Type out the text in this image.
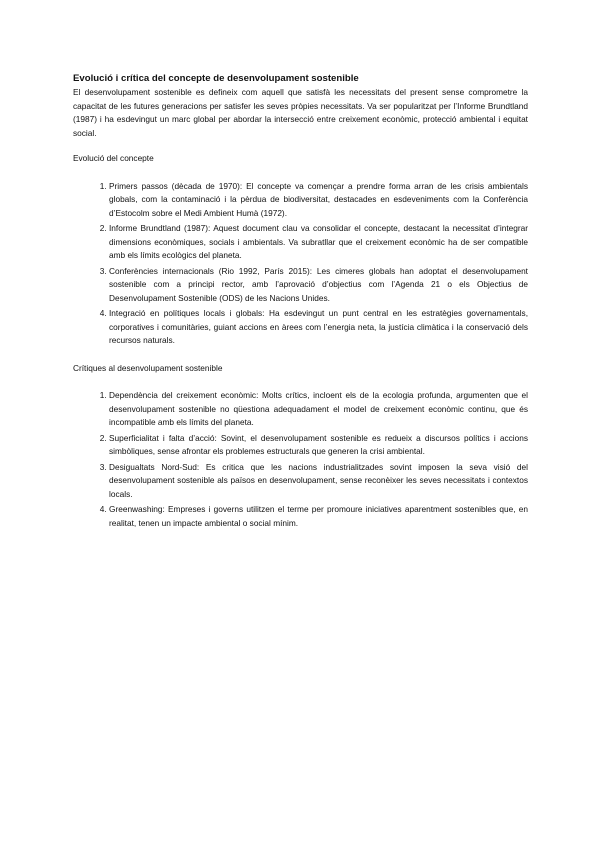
Evolució i crítica del concepte de desenvolupament sostenible

El desenvolupament sostenible es defineix com aquell que satisfà les necessitats del present sense comprometre la capacitat de les futures generacions per satisfer les seves pròpies necessitats. Va ser popularitzat per l’Informe Brundtland (1987) i ha esdevingut un marc global per abordar la intersecció entre creixement econòmic, protecció ambiental i equitat social.

Evolució del concepte

1. Primers passos (dècada de 1970): El concepte va començar a prendre forma arran de les crisis ambientals globals, com la contaminació i la pèrdua de biodiversitat, destacades en esdeveniments com la Conferència d’Estocolm sobre el Medi Ambient Humà (1972).
2. Informe Brundtland (1987): Aquest document clau va consolidar el concepte, destacant la necessitat d’integrar dimensions econòmiques, socials i ambientals. Va subratllar que el creixement econòmic ha de ser compatible amb els límits ecològics del planeta.
3. Conferències internacionals (Rio 1992, París 2015): Les cimeres globals han adoptat el desenvolupament sostenible com a principi rector, amb l’aprovació d’objectius com l’Agenda 21 o els Objectius de Desenvolupament Sostenible (ODS) de les Nacions Unides.
4. Integració en polítiques locals i globals: Ha esdevingut un punt central en les estratègies governamentals, corporatives i comunitàries, guiant accions en àrees com l’energia neta, la justícia climàtica i la conservació dels recursos naturals.

Crítiques al desenvolupament sostenible

1. Dependència del creixement econòmic: Molts crítics, incloent els de la ecologia profunda, argumenten que el desenvolupament sostenible no qüestiona adequadament el model de creixement econòmic continu, que és incompatible amb els límits del planeta.
2. Superficialitat i falta d’acció: Sovint, el desenvolupament sostenible es redueix a discursos polítics i accions simbòliques, sense afrontar els problemes estructurals que generen la crisi ambiental.
3. Desigualtats Nord-Sud: Es critica que les nacions industrialitzades sovint imposen la seva visió del desenvolupament sostenible als països en desenvolupament, sense reconèixer les seves necessitats i contextos locals.
4. Greenwashing: Empreses i governs utilitzen el terme per promoure iniciatives aparentment sostenibles que, en realitat, tenen un impacte ambiental o social mínim.
